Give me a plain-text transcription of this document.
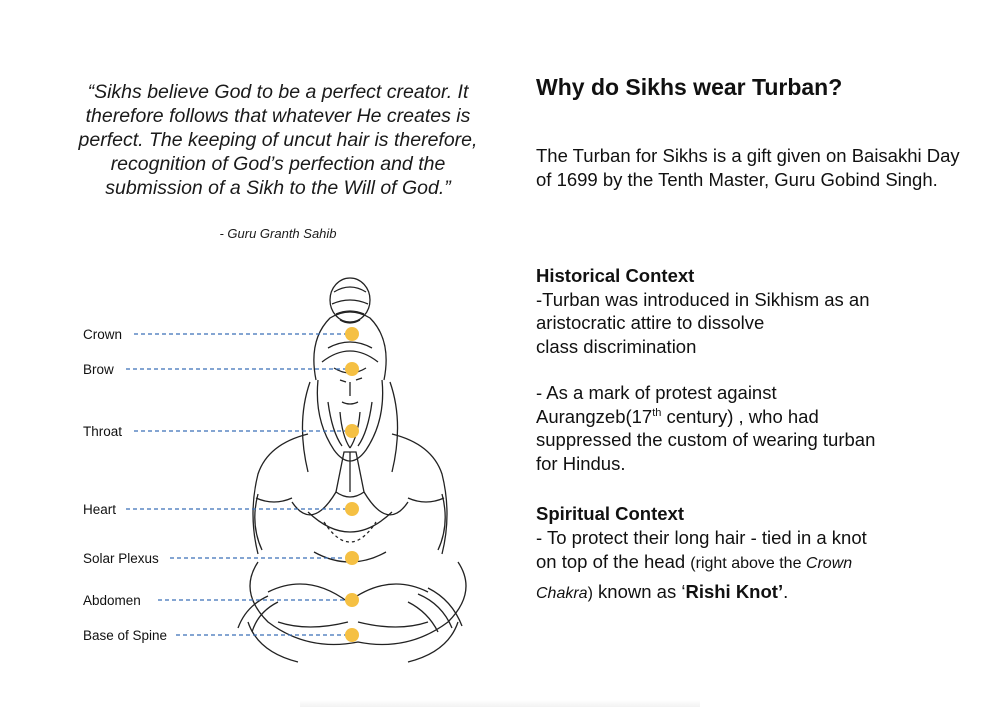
“Sikhs believe God to be a perfect creator. It
therefore follows that whatever He creates is
perfect. The keeping of uncut hair is therefore,
recognition of God’s perfection and the
submission of a Sikh to the Will of God.”
- Guru Granth Sahib
Crown
Brow
Throat
Heart
Solar Plexus
Abdomen
Base of Spine
Why do Sikhs wear Turban?
The Turban for Sikhs is a gift given on Baisakhi Day of 1699 by the Tenth Master, Guru Gobind Singh.
Historical Context
-Turban was introduced in Sikhism as an
aristocratic attire to dissolve
class discrimination
- As a mark of protest against
Aurangzeb(17th century) , who had
suppressed the custom of wearing turban
for Hindus.
Spiritual Context
- To protect their long hair - tied in a knot
on top of the head (right above the Crown
Chakra) known as ‘Rishi Knot’.
